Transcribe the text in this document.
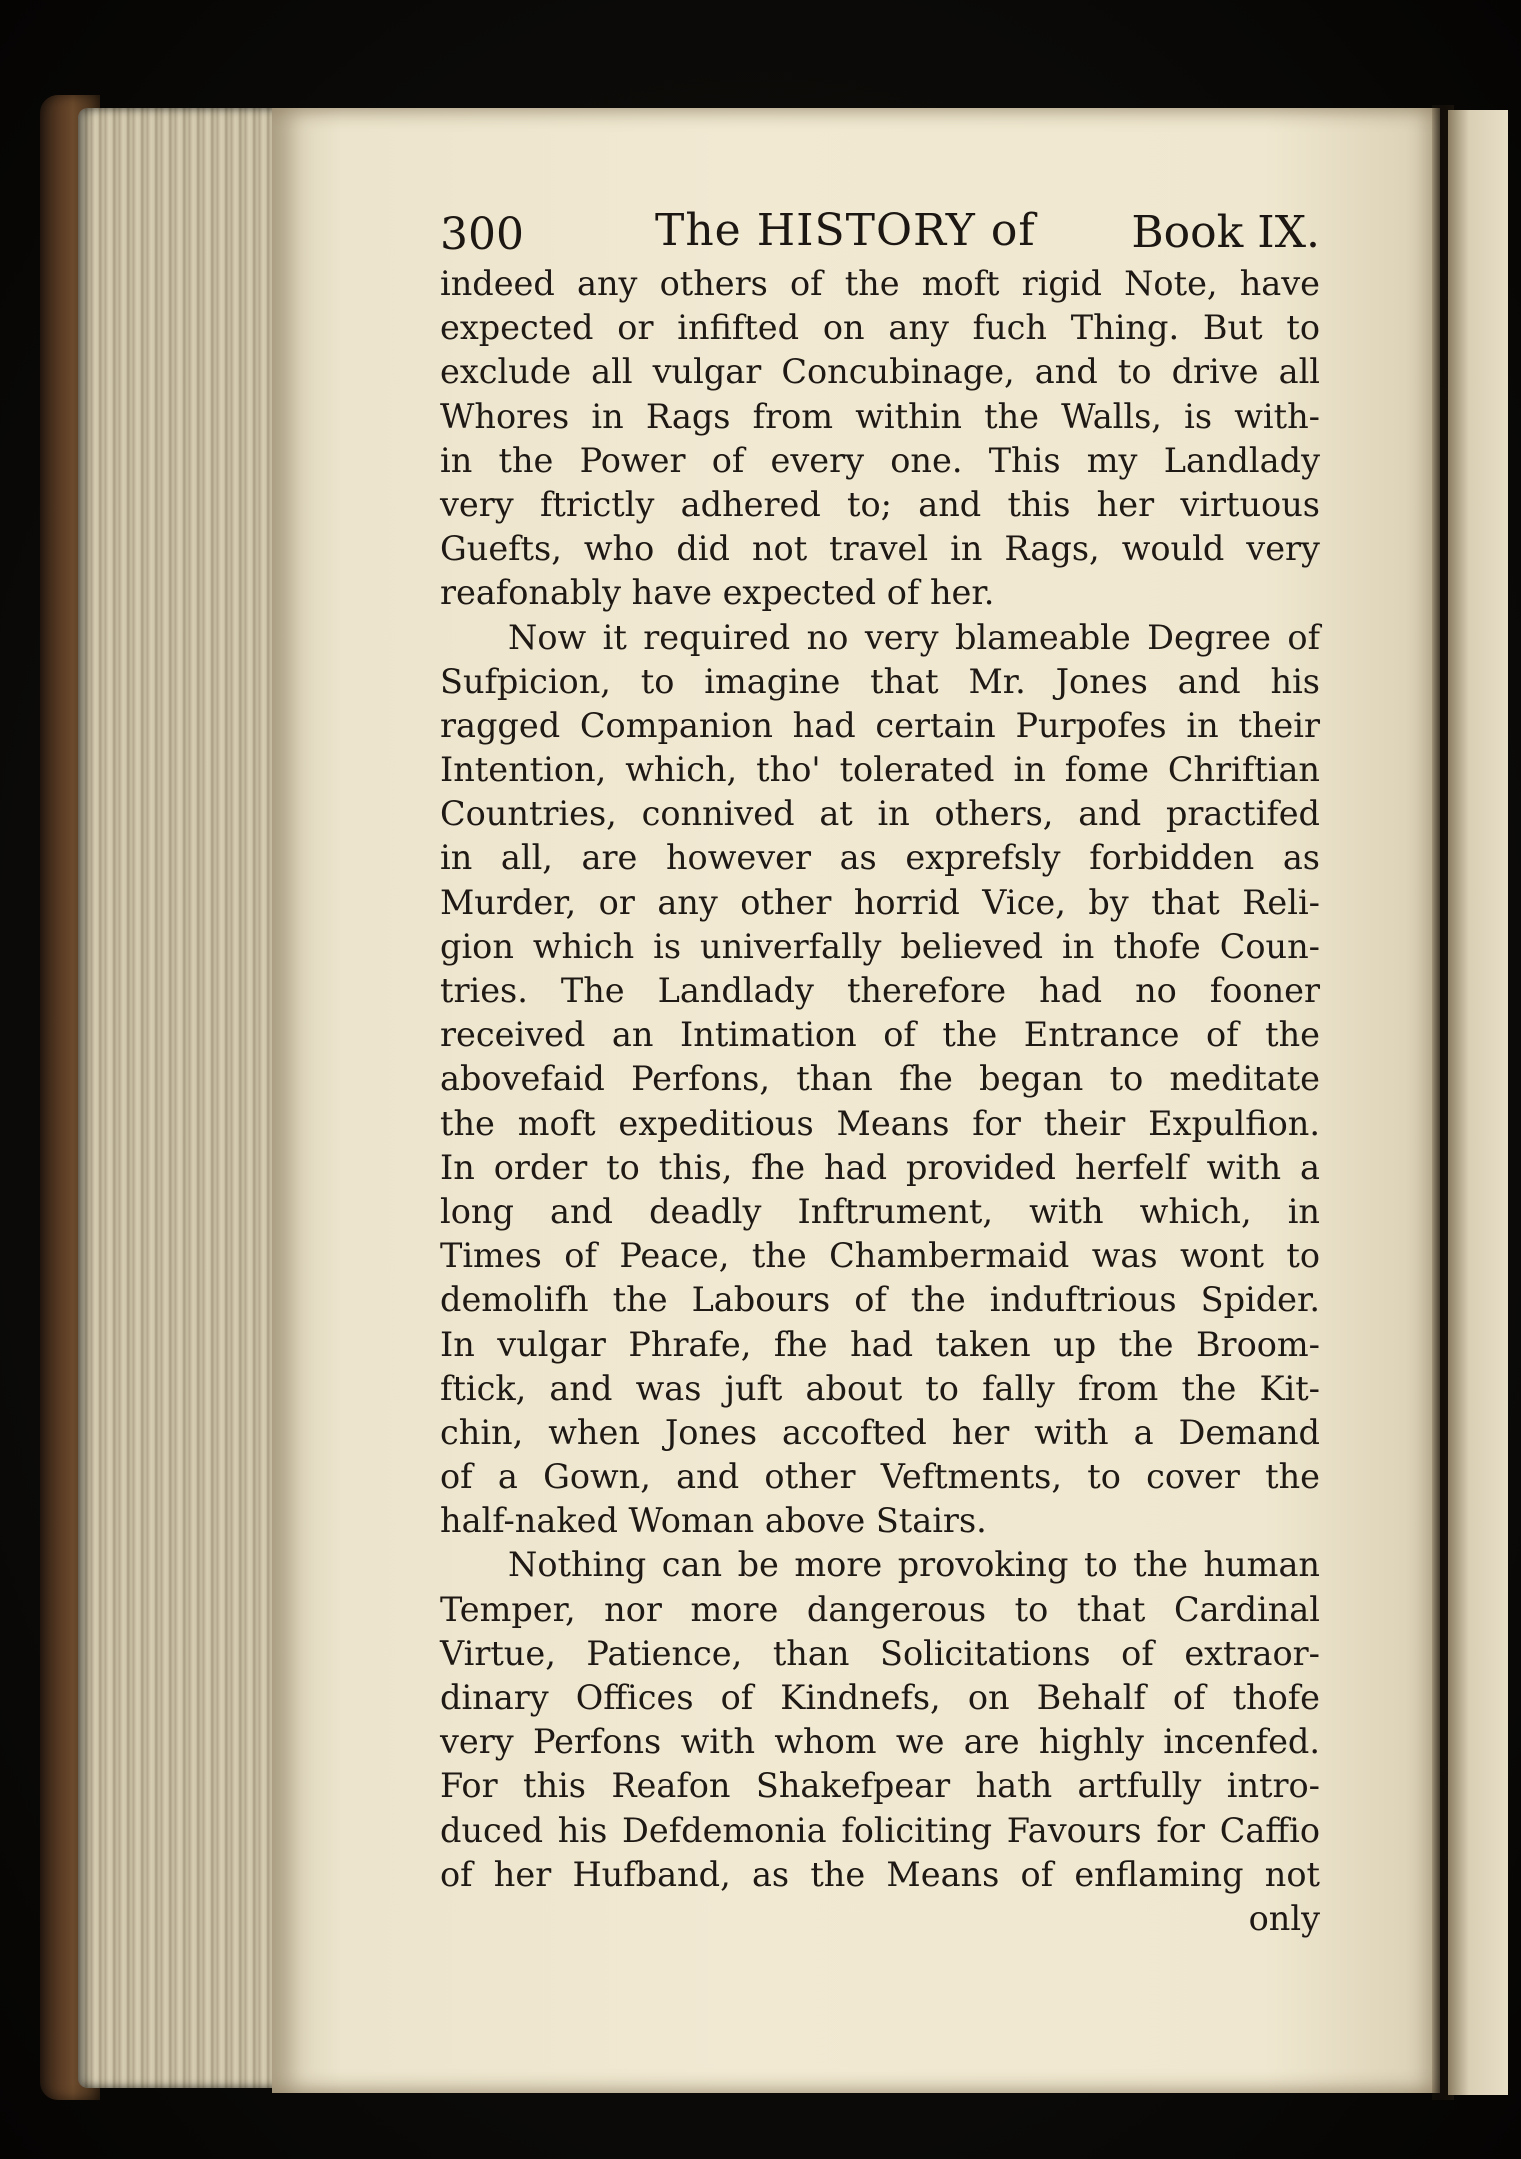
300	The HISTORY of Book IX.
indeed any others of the moft rigid Note, have
expected or infifted on any fuch Thing. But to
exclude all vulgar Concubinage, and to drive all
Whores in Rags from within the Walls, is with-
in the Power of every one. This my Landlady
very ftrictly adhered to; and this her virtuous
Guefts, who did not travel in Rags, would very
reafonably have expected of her.
Now it required no very blameable Degree of
Sufpicion, to imagine that Mr. Jones and his
ragged Companion had certain Purpofes in their
Intention, which, tho' tolerated in fome Chriftian
Countries, connived at in others, and practifed
in all, are however as exprefsly forbidden as
Murder, or any other horrid Vice, by that Reli-
gion which is univerfally believed in thofe Coun-
tries. The Landlady therefore had no fooner
received an Intimation of the Entrance of the
abovefaid Perfons, than fhe began to meditate
the moft expeditious Means for their Expulfion.
In order to this, fhe had provided herfelf with a
long and deadly Inftrument, with which, in
Times of Peace, the Chambermaid was wont to
demolifh the Labours of the induftrious Spider.
In vulgar Phrafe, fhe had taken up the Broom-
ftick, and was juft about to fally from the Kit-
chin, when Jones accofted her with a Demand
of a Gown, and other Veftments, to cover the
half-naked Woman above Stairs.
Nothing can be more provoking to the human
Temper, nor more dangerous to that Cardinal
Virtue, Patience, than Solicitations of extraor-
dinary Offices of Kindnefs, on Behalf of thofe
very Perfons with whom we are highly incenfed.
For this Reafon Shakefpear hath artfully intro-
duced his Defdemonia foliciting Favours for Caffio
of her Hufband, as the Means of enflaming not
only
